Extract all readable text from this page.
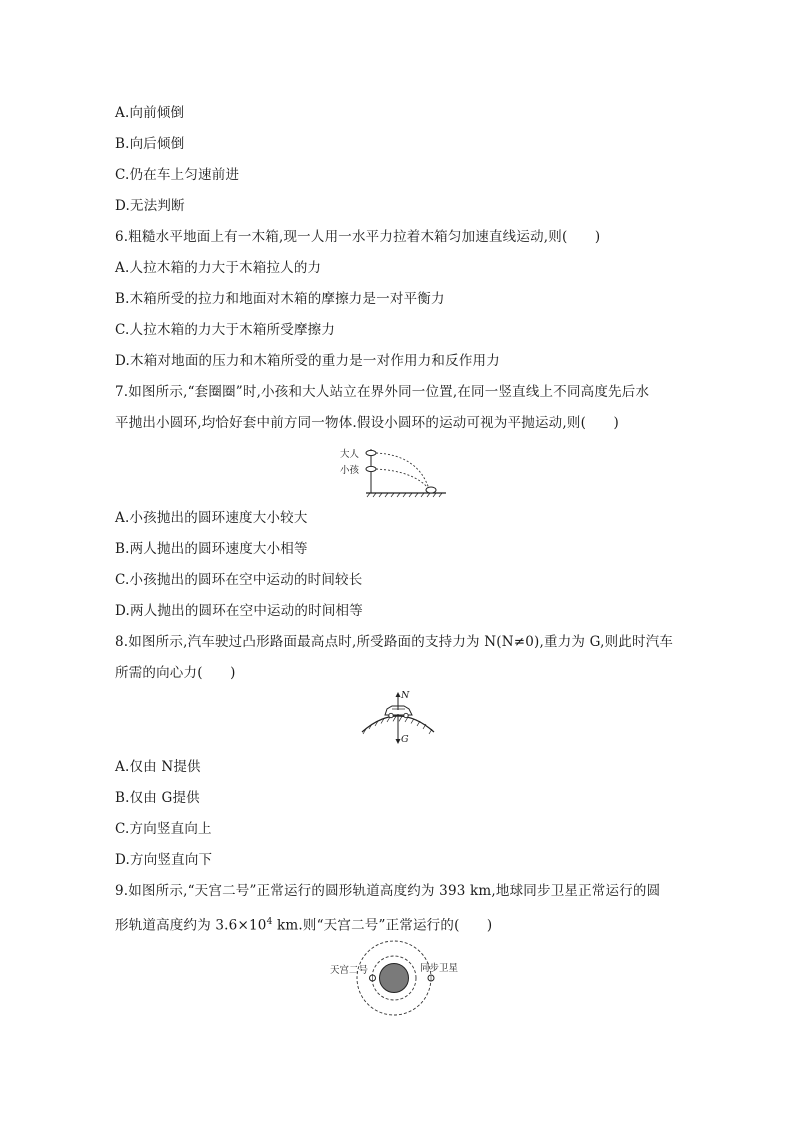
A.向前倾倒
B.向后倾倒
C.仍在车上匀速前进
D.无法判断
6.粗糙水平地面上有一木箱,现一人用一水平力拉着木箱匀加速直线运动,则(　　)
A.人拉木箱的力大于木箱拉人的力
B.木箱所受的拉力和地面对木箱的摩擦力是一对平衡力
C.人拉木箱的力大于木箱所受摩擦力
D.木箱对地面的压力和木箱所受的重力是一对作用力和反作用力
7.如图所示,“套圈圈”时,小孩和大人站立在界外同一位置,在同一竖直线上不同高度先后水
平抛出小圆环,均恰好套中前方同一物体.假设小圆环的运动可视为平抛运动,则(　　)
大人
小孩
A.小孩抛出的圆环速度大小较大
B.两人抛出的圆环速度大小相等
C.小孩抛出的圆环在空中运动的时间较长
D.两人抛出的圆环在空中运动的时间相等
8.如图所示,汽车驶过凸形路面最高点时,所受路面的支持力为 N(N≠0),重力为 G,则此时汽车
所需的向心力(　　)
N
G
A.仅由 N提供
B.仅由 G提供
C.方向竖直向上
D.方向竖直向下
9.如图所示,“天宫二号”正常运行的圆形轨道高度约为 393 km,地球同步卫星正常运行的圆
形轨道高度约为 $3.6\times 10^4$ km.则“天宫二号”正常运行的(　　)
天宫二号	同步卫星
